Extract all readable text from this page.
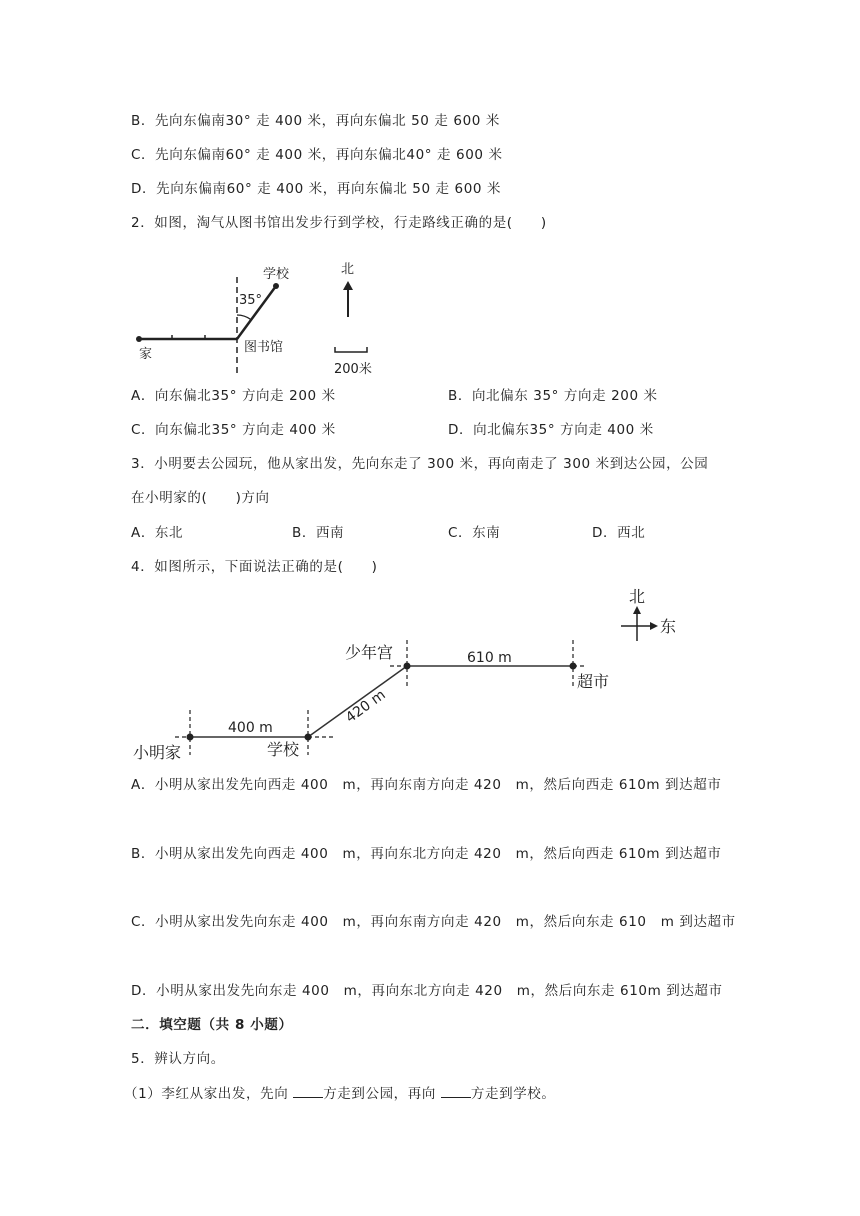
B．先向东偏南30° 走 400 米，再向东偏北 50 走 600 米
C．先向东偏南60° 走 400 米，再向东偏北40° 走 600 米
D．先向东偏南60° 走 400 米，再向东偏北 50 走 600 米
2．如图，淘气从图书馆出发步行到学校，行走路线正确的是(　　)
学校
35°
家	图书馆
北
200米
A．向东偏北35° 方向走 200 米	B．向北偏东 35° 方向走 200 米
C．向东偏北35° 方向走 400 米	D．向北偏东35° 方向走 400 米
3．小明要去公园玩，他从家出发，先向东走了 300 米，再向南走了 300 米到达公园，公园
在小明家的(　　)方向
A．东北	B．西南	C．东南	D．西北
4．如图所示，下面说法正确的是(　　)
北
东
少年宫	610 m
超市
420 m
400 m
小明家	学校
A．小明从家出发先向西走 400　m，再向东南方向走 420　m，然后向西走 610m 到达超市
B．小明从家出发先向西走 400　m，再向东北方向走 420　m，然后向西走 610m 到达超市
C．小明从家出发先向东走 400　m，再向东南方向走 420　m，然后向东走 610　m 到达超市
D．小明从家出发先向东走 400　m，再向东北方向走 420　m，然后向东走 610m 到达超市
二．填空题（共 8 小题）
5．辨认方向。
（1）李红从家出发，先向 方走到公园，再向 方走到学校。
